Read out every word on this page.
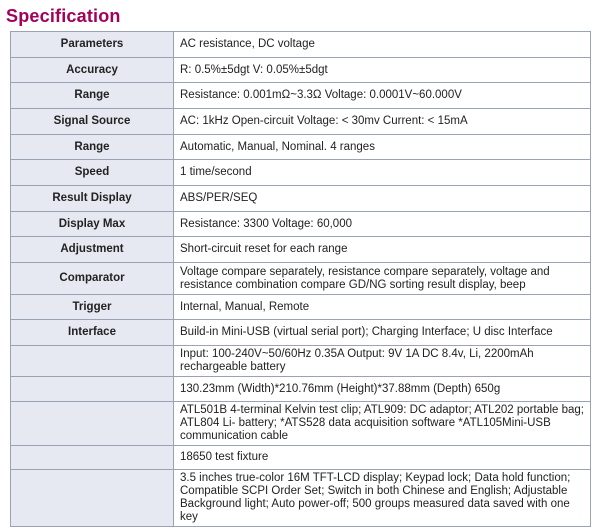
Specification
Parameters	AC resistance, DC voltage
Accuracy	R: 0.5%±5dgt V: 0.05%±5dgt
Range	Resistance: 0.001mΩ~3.3Ω Voltage: 0.0001V~60.000V
Signal Source	AC: 1kHz Open-circuit Voltage: < 30mv Current: < 15mA
Range	Automatic, Manual, Nominal. 4 ranges
Speed	1 time/second
Result Display	ABS/PER/SEQ
Display Max	Resistance: 3300 Voltage: 60,000
Adjustment	Short-circuit reset for each range
Comparator	Voltage compare separately, resistance compare separately, voltage and resistance combination compare GD/NG sorting result display, beep
Trigger	Internal, Manual, Remote
Interface	Build-in Mini-USB (virtual serial port); Charging Interface; U disc Interface
	Input: 100-240V~50/60Hz 0.35A Output: 9V 1A DC 8.4v, Li, 2200mAh rechargeable battery
	130.23mm (Width)*210.76mm (Height)*37.88mm (Depth) 650g
	ATL501B 4-terminal Kelvin test clip; ATL909: DC adaptor; ATL202 portable bag; ATL804 Li- battery; *ATS528 data acquisition software *ATL105Mini-USB communication cable
	18650 test fixture
	3.5 inches true-color 16M TFT-LCD display; Keypad lock; Data hold function; Compatible SCPI Order Set; Switch in both Chinese and English; Adjustable Background light; Auto power-off; 500 groups measured data saved with one key
